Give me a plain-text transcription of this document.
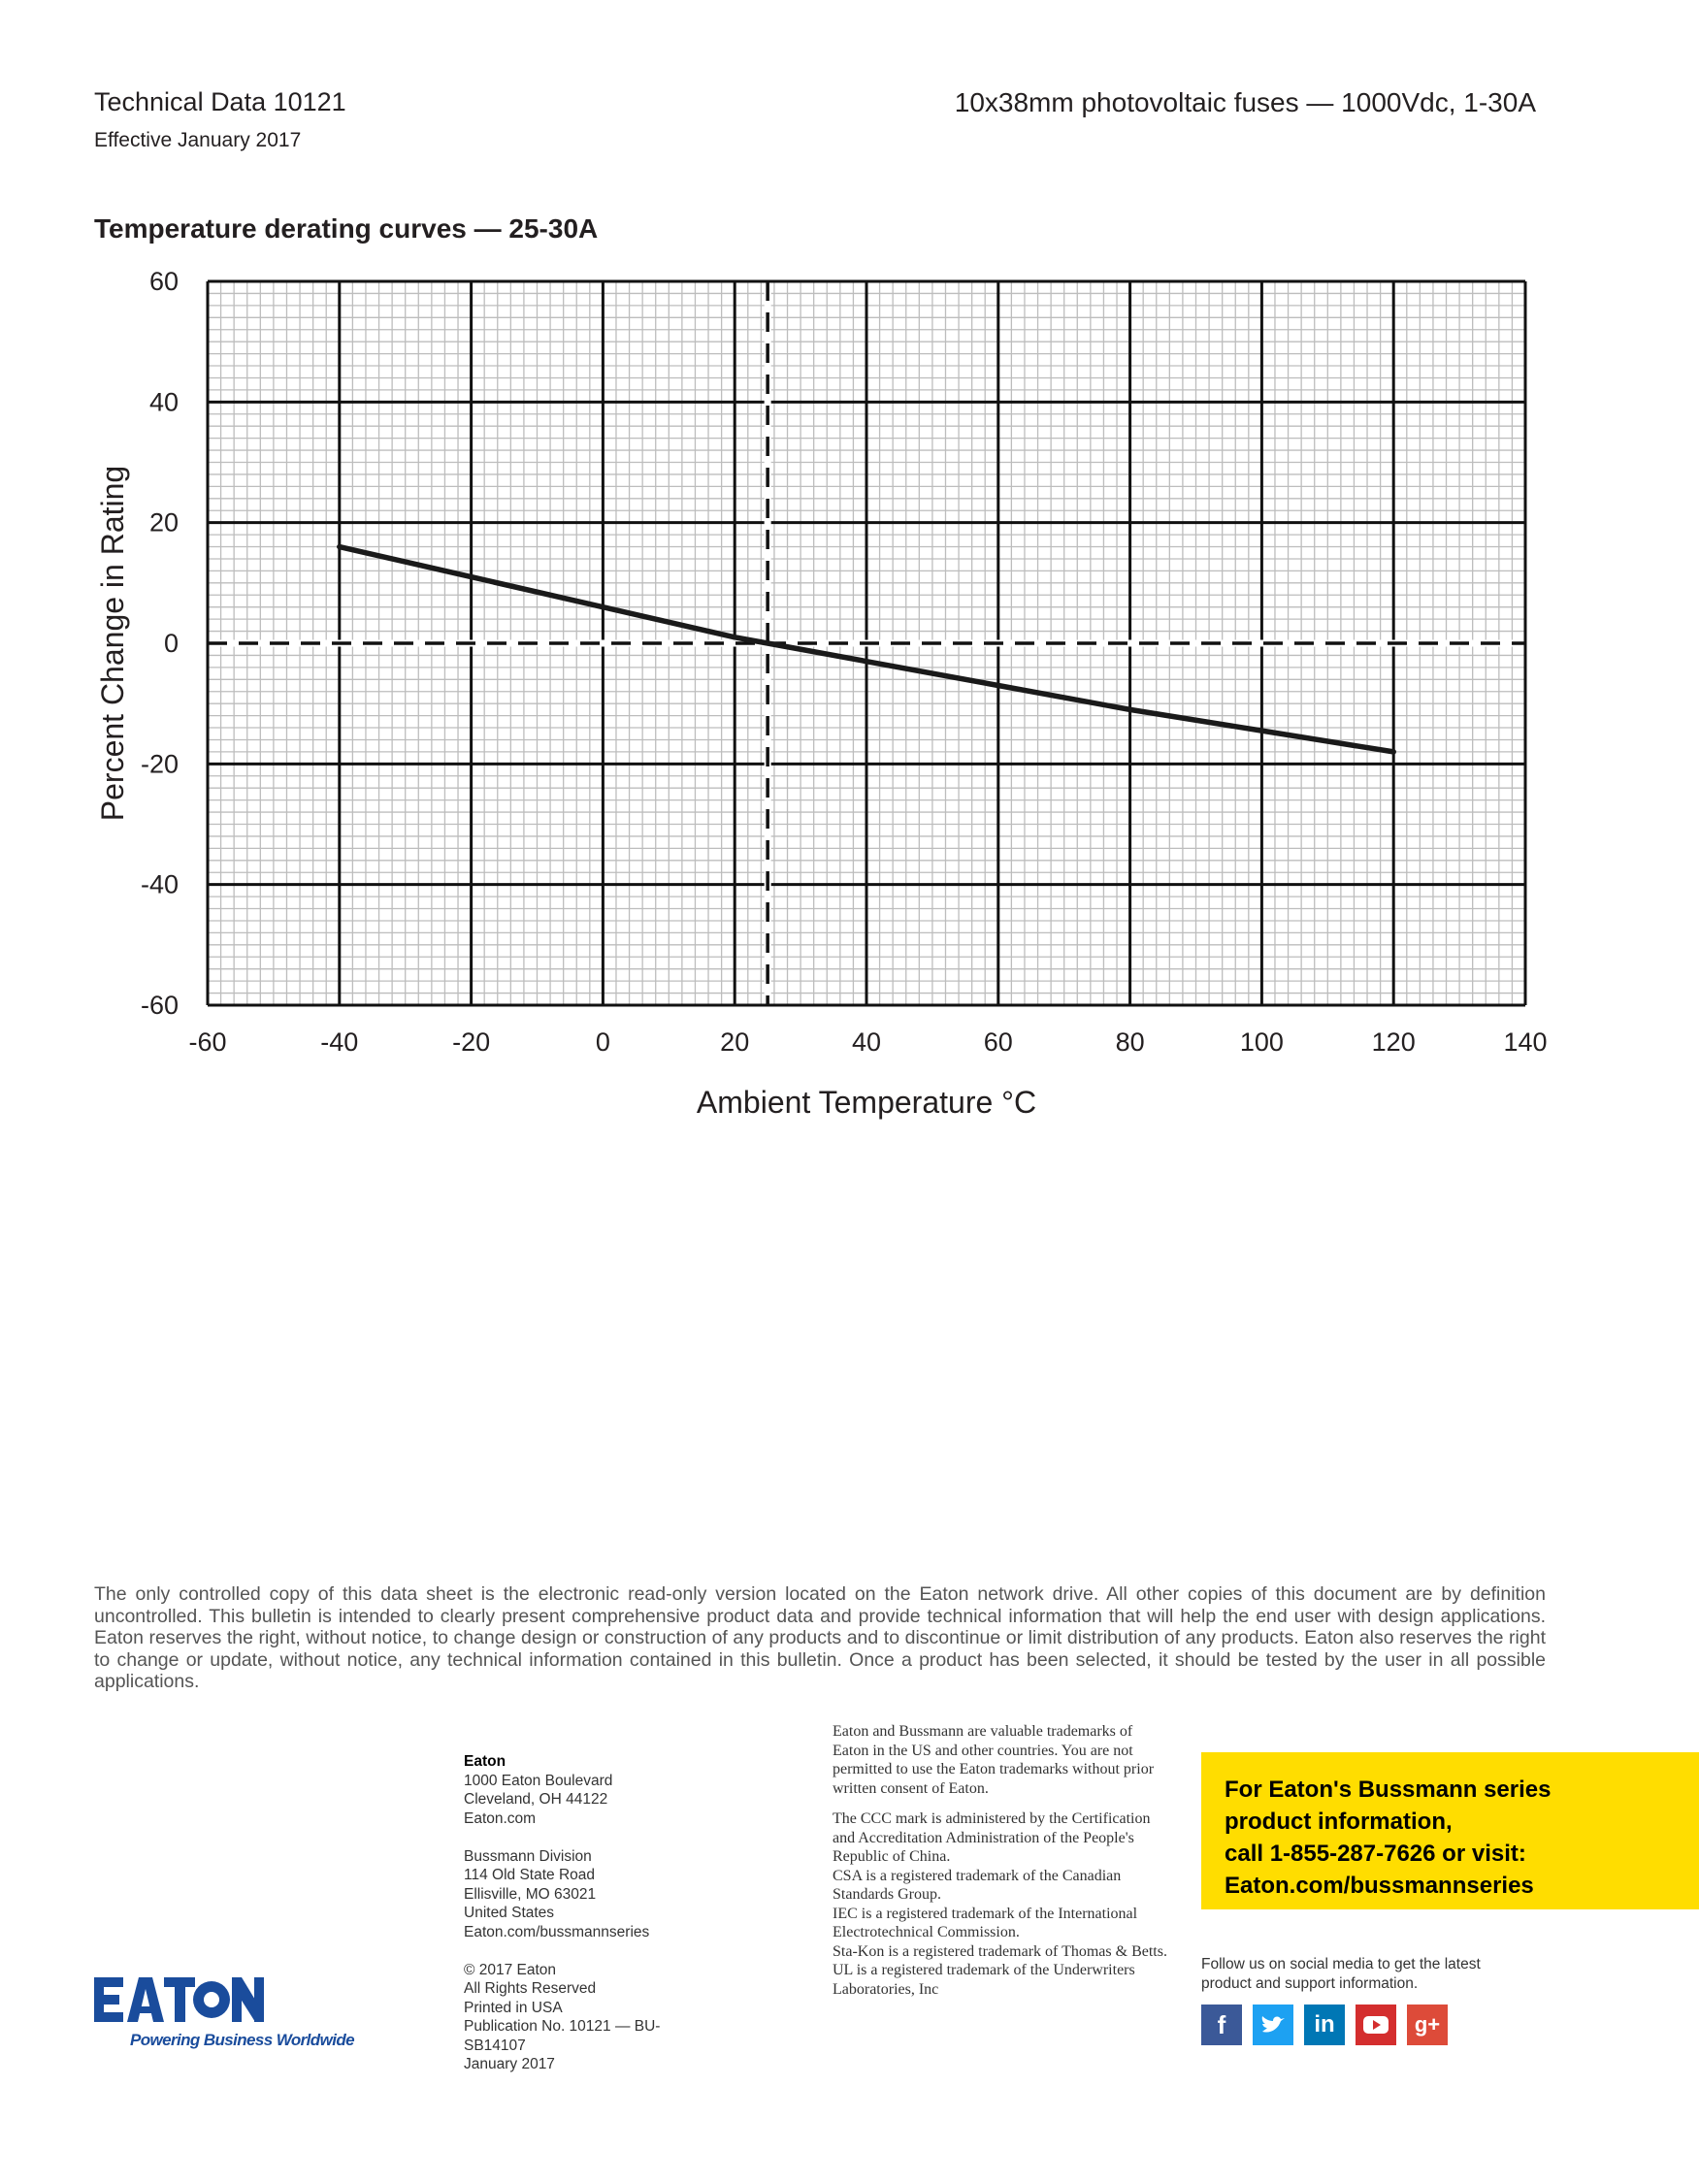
Technical Data 10121
Effective January 2017
10x38mm photovoltaic fuses — 1000Vdc, 1-30A
Temperature derating curves — 25-30A
-60	-40	-20	0	20	40	60	80	100	120	140
60
40
20
0
-20
-40
-60
Ambient Temperature °C
Percent Change in Rating
The only controlled copy of this data sheet is the electronic read-only version located on the Eaton network drive. All other copies of this document are by definition uncontrolled. This bulletin is intended to clearly present comprehensive product data and provide technical information that will help the end user with design applications. Eaton reserves the right, without notice, to change design or construction of any products and to discontinue or limit distribution of any products. Eaton also reserves the right to change or update, without notice, any technical information contained in this bulletin. Once a product has been selected, it should be tested by the user in all possible applications.

Eaton

1000 Eaton Boulevard

Cleveland, OH 44122

Eaton.com

Bussmann Division

114 Old State Road

Ellisville, MO 63021

United States

Eaton.com/bussmannseries

© 2017 Eaton

All Rights Reserved

Printed in USA

Publication No. 10121 — BU-SB14107

January 2017

Eaton and Bussmann are valuable trademarks of Eaton in the US and other countries. You are not permitted to use the Eaton trademarks without prior written consent of Eaton.

The CCC mark is administered by the Certification and Accreditation Administration of the People's Republic of China.

CSA is a registered trademark of the Canadian Standards Group.

IEC is a registered trademark of the International Electrotechnical Commission.

Sta-Kon is a registered trademark of Thomas & Betts.

UL is a registered trademark of the Underwriters Laboratories, Inc

For Eaton's Bussmann series
product information,
call 1-855-287-7626 or visit:
Eaton.com/bussmannseries
Follow us on social media to get the latest product and support information.
f	in	g+
Powering Business Worldwide
